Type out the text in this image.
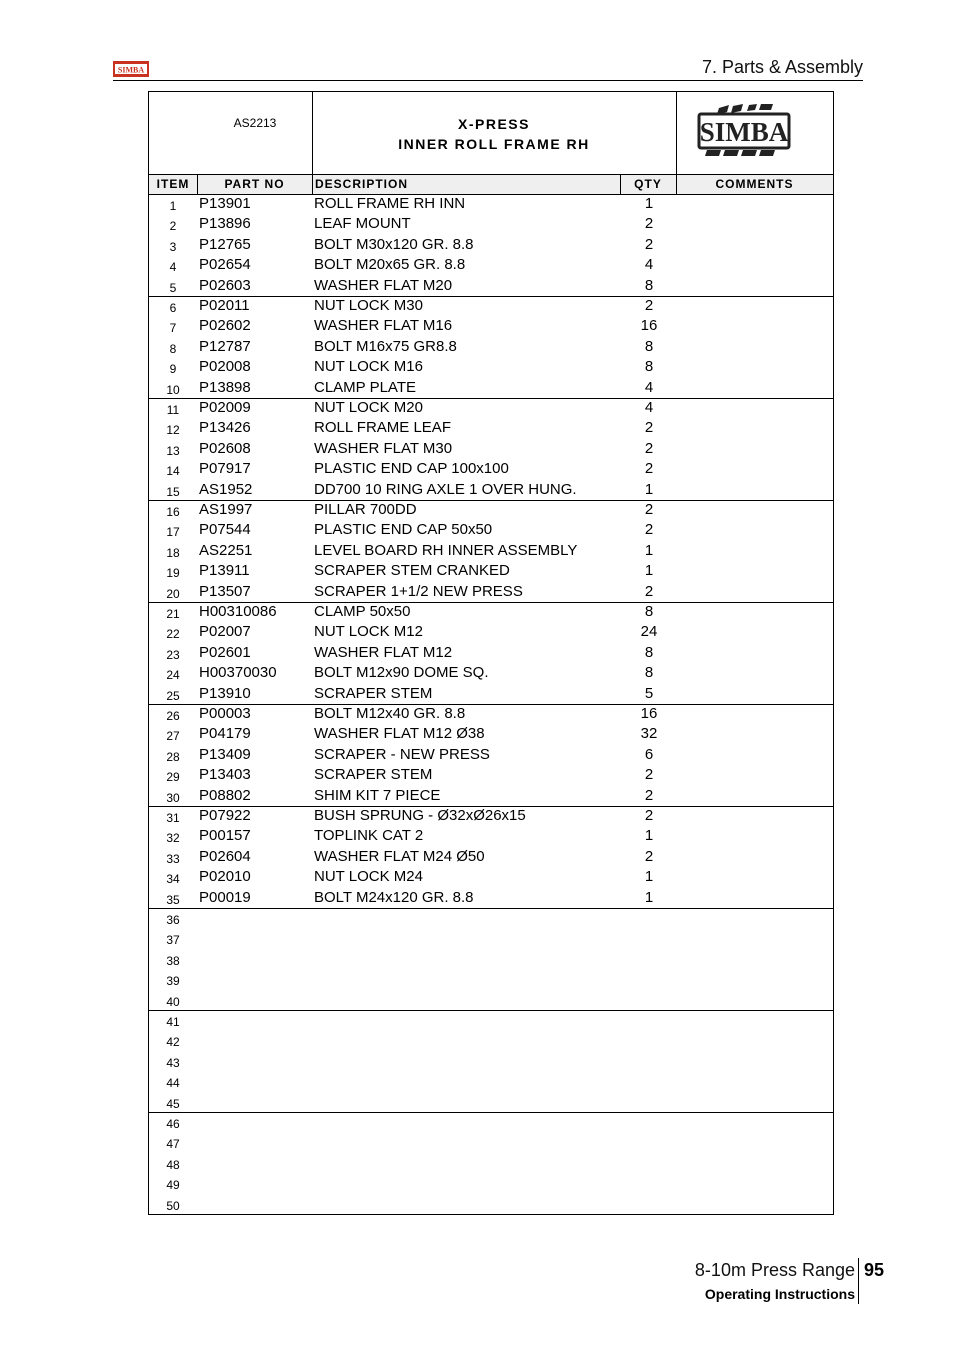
SIMBA	7. Parts & Assembly
AS2213	X-PRESS
INNER ROLL FRAME RH	SIMBA
ITEM	PART NO	DESCRIPTION	QTY	COMMENTS
1	P13901	ROLL FRAME RH INN	1
2	P13896	LEAF MOUNT	2
3	P12765	BOLT M30x120 GR. 8.8	2
4	P02654	BOLT M20x65 GR. 8.8	4
5	P02603	WASHER FLAT M20	8
6	P02011	NUT LOCK M30	2
7	P02602	WASHER FLAT M16	16
8	P12787	BOLT M16x75 GR8.8	8
9	P02008	NUT LOCK M16	8
10	P13898	CLAMP PLATE	4
11	P02009	NUT LOCK M20	4
12	P13426	ROLL FRAME LEAF	2
13	P02608	WASHER FLAT M30	2
14	P07917	PLASTIC END CAP 100x100	2
15	AS1952	DD700 10 RING AXLE 1 OVER HUNG.	1
16	AS1997	PILLAR 700DD	2
17	P07544	PLASTIC END CAP 50x50	2
18	AS2251	LEVEL BOARD RH INNER ASSEMBLY	1
19	P13911	SCRAPER STEM CRANKED	1
20	P13507	SCRAPER 1+1/2 NEW PRESS	2
21	H00310086 CLAMP 50x50	8
22	P02007	NUT LOCK M12	24
23	P02601	WASHER FLAT M12	8
24	H00370030 BOLT M12x90 DOME SQ.	8
25	P13910	SCRAPER STEM	5
26	P00003	BOLT M12x40 GR. 8.8	16
27	P04179	WASHER FLAT M12 Ø38	32
28	P13409	SCRAPER - NEW PRESS	6
29	P13403	SCRAPER STEM	2
30	P08802	SHIM KIT 7 PIECE	2
31	P07922	BUSH SPRUNG - Ø32xØ26x15	2
32	P00157	TOPLINK CAT 2	1
33	P02604	WASHER FLAT M24 Ø50	2
34	P02010	NUT LOCK M24	1
35	P00019	BOLT M24x120 GR. 8.8	1
36
37
38
39
40
41
42
43
44
45
46
47
48
49
50
8-10m Press Range 95
Operating Instructions
